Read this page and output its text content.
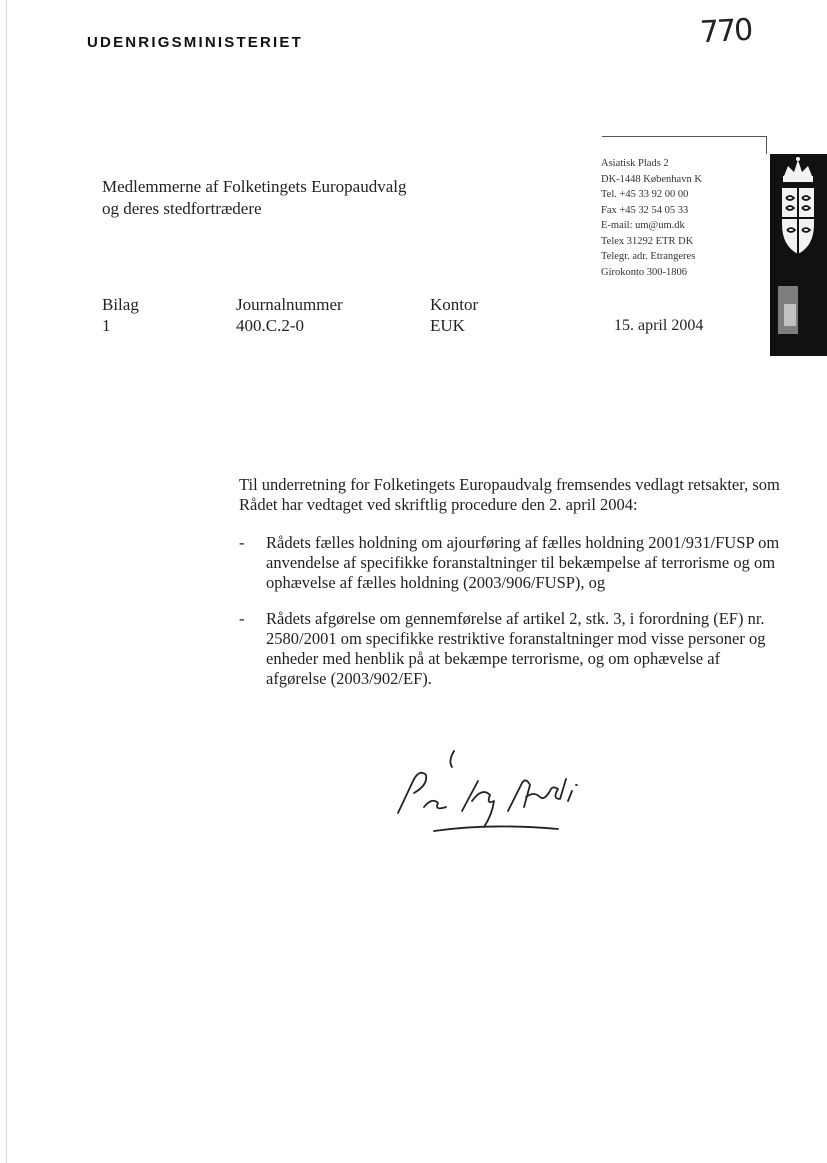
UDENRIGSMINISTERIET	770
Medlemmerne af Folketingets Europaudvalg
og deres stedfortrædere
Asiatisk Plads 2
DK-1448 København K
Tel. +45 33 92 00 00
Fax +45 32 54 05 33
E-mail: um@um.dk
Telex 31292 ETR DK
Telegr. adr. Etrangeres
Girokonto 300-1806
Bilag
1
Journalnummer
400.C.2-0
Kontor
EUK	15. april 2004

Til underretning for Folketingets Europaudvalg fremsendes vedlagt retsakter, som Rådet har vedtaget ved skriftlig procedure den 2. april 2004:

- Rådets fælles holdning om ajourføring af fælles holdning 2001/931/FUSP om anvendelse af specifikke foranstaltninger til bekæmpelse af terrorisme og om ophævelse af fælles holdning (2003/906/FUSP), og
- Rådets afgørelse om gennemførelse af artikel 2, stk. 3, i forordning (EF) nr. 2580/2001 om specifikke restriktive foranstaltninger mod visse personer og enheder med henblik på at bekæmpe terrorisme, og om ophævelse af afgørelse (2003/902/EF).
